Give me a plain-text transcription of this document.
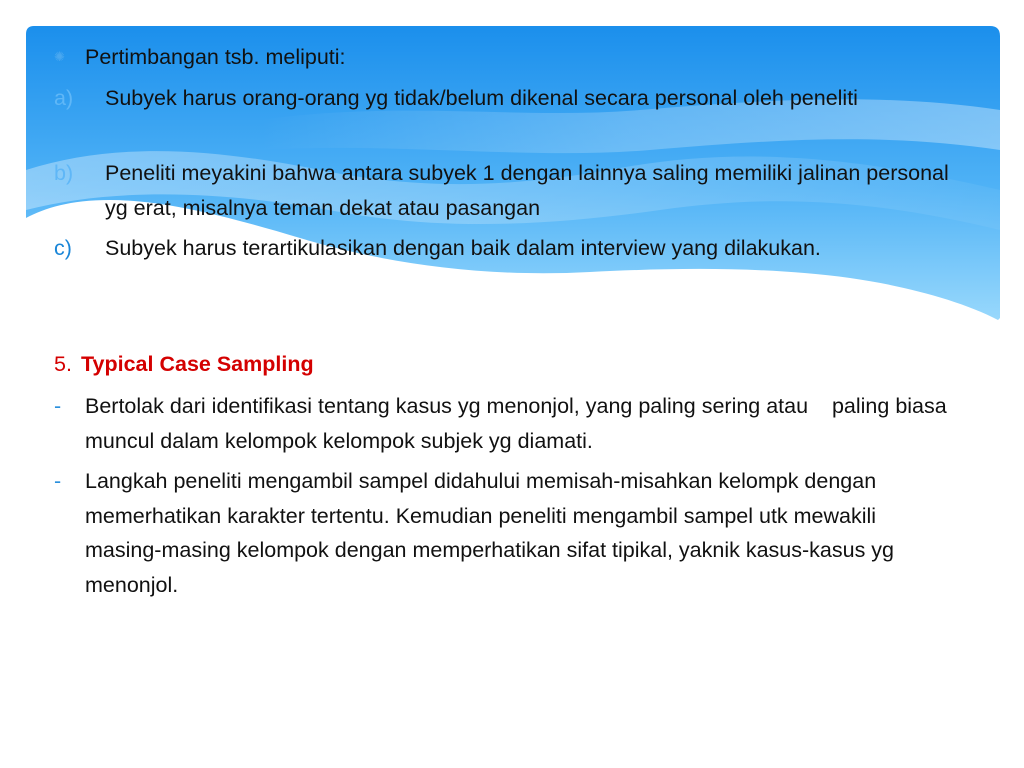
✺ Pertimbangan tsb. meliputi:
a) Subyek harus orang-orang yg tidak/belum dikenal secara personal oleh peneliti
b) Peneliti meyakini bahwa antara subyek 1 dengan lainnya saling memiliki jalinan personal yg erat, misalnya teman dekat atau pasangan
c) Subyek harus terartikulasikan dengan baik dalam interview yang dilakukan.
5. Typical Case Sampling
- Bertolak dari identifikasi tentang kasus yg menonjol, yang paling sering atau    paling biasa muncul dalam kelompok kelompok subjek yg diamati.
- Langkah peneliti mengambil sampel didahului memisah-misahkan kelompk dengan memerhatikan karakter tertentu. Kemudian peneliti mengambil sampel utk mewakili masing-masing kelompok dengan memperhatikan sifat tipikal, yaknik kasus-kasus yg menonjol.
